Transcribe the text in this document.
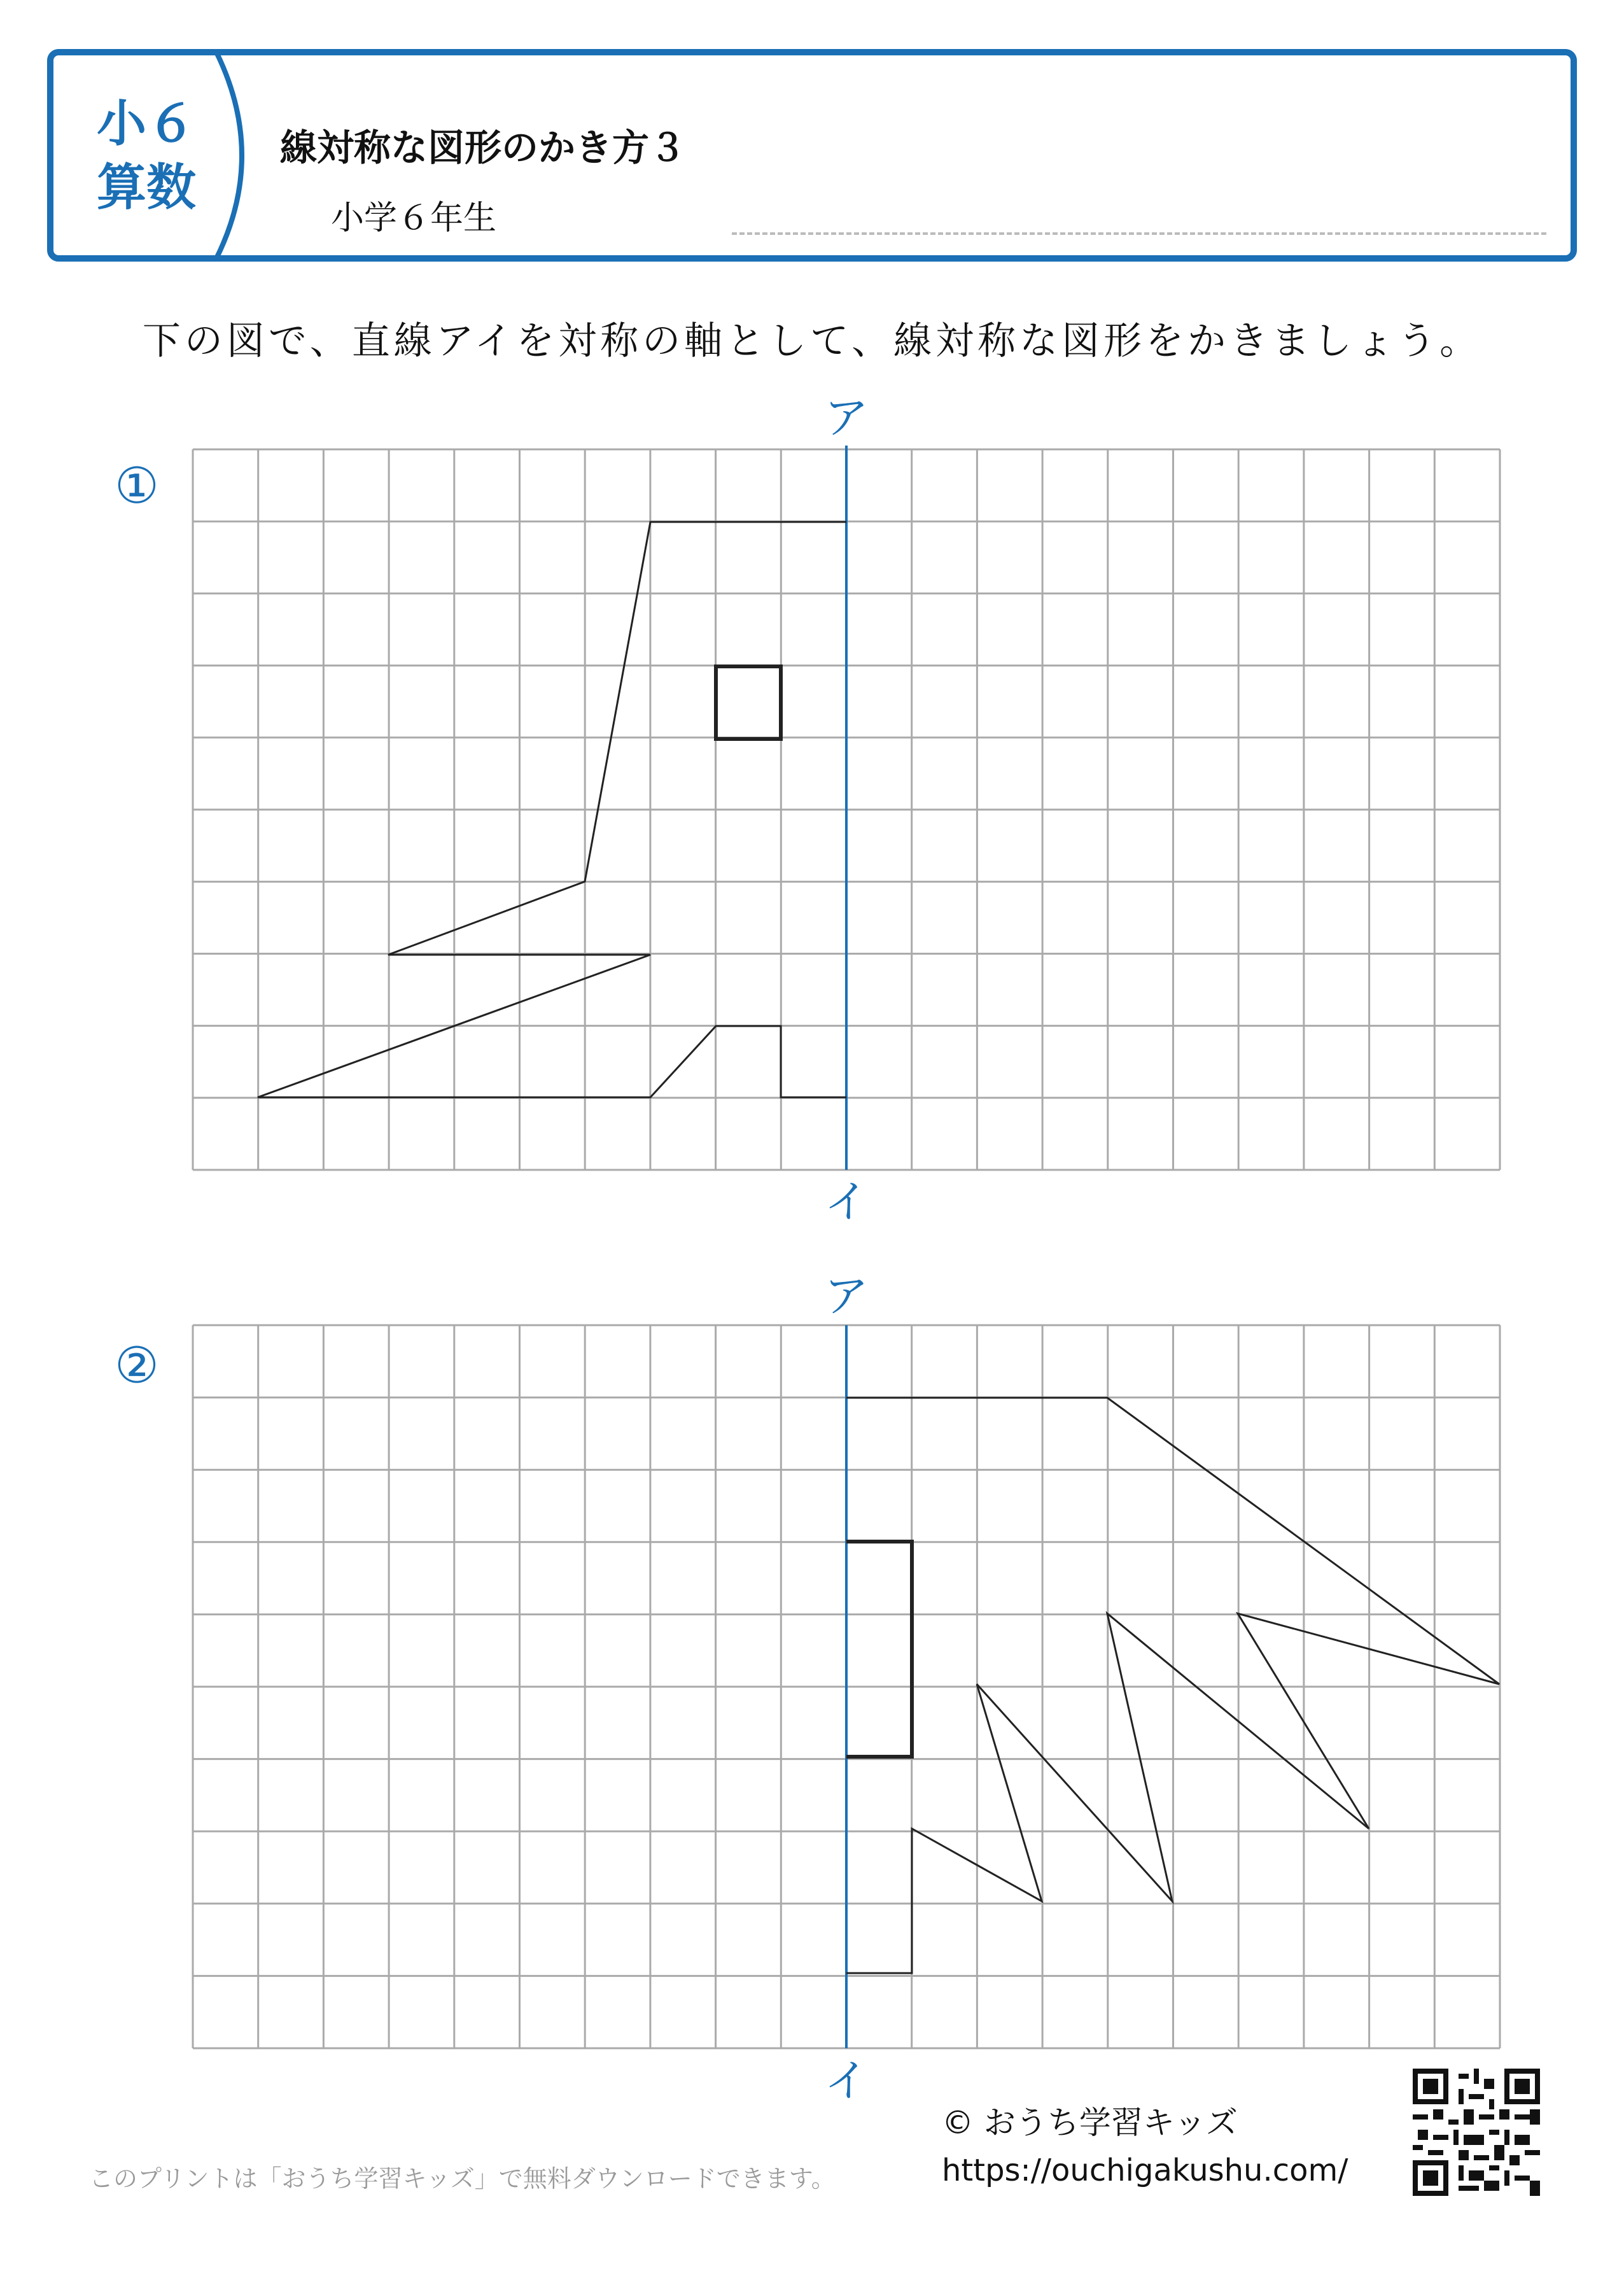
小６
算数
線対称な図形のかき方３
小学６年生
下の図で、直線アイを対称の軸として、線対称な図形をかきましょう。
ア
イ
①
ア
イ
②
© おうち学習キッズ
https://ouchigakushu.com/
このプリントは「おうち学習キッズ」で無料ダウンロードできます。
